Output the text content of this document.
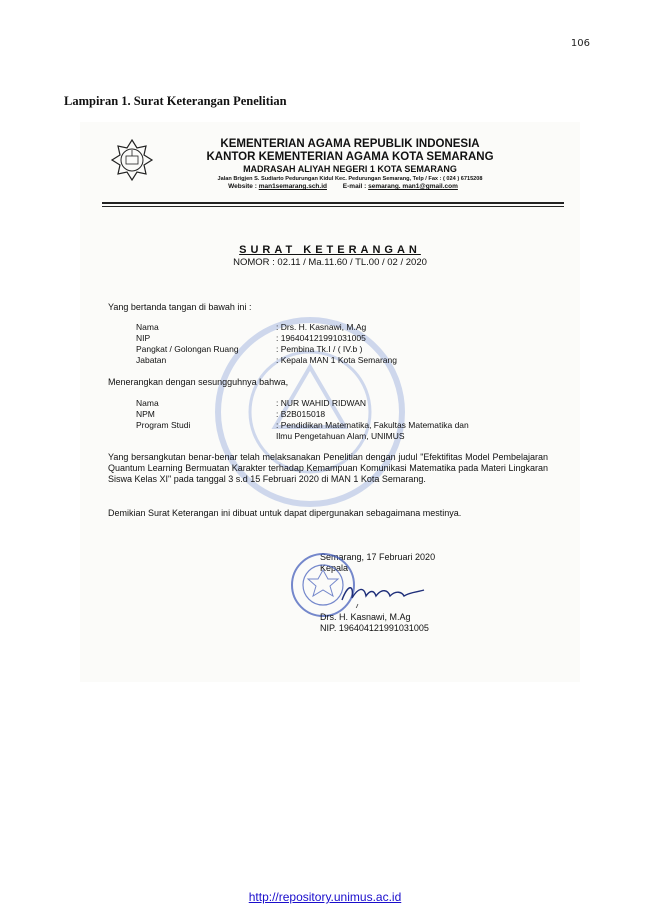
106
Lampiran 1. Surat Keterangan Penelitian
KEMENTERIAN AGAMA REPUBLIK INDONESIA
KANTOR KEMENTERIAN AGAMA KOTA SEMARANG
MADRASAH ALIYAH NEGERI 1 KOTA SEMARANG
Jalan Brigjen S. Sudiarto Pedurungan Kidul Kec. Pedurungan Semarang, Telp / Fax : ( 024 ) 6715208
Website : man1semarang.sch.id E-mail : semarang. man1@gmail.com
SURAT KETERANGAN
NOMOR : 02.11 / Ma.11.60 / TL.00 / 02 / 2020
Yang bertanda tangan di bawah ini :
Nama	: Drs. H. Kasnawi, M.Ag
NIP	: 196404121991031005
Pangkat / Golongan Ruang	: Pembina Tk.I / ( IV.b )
Jabatan	: Kepala MAN 1 Kota Semarang
Menerangkan dengan sesungguhnya bahwa,
Nama	: NUR WAHID RIDWAN
NPM	: B2B015018
Program Studi	: Pendidikan Matematika, Fakultas Matematika dan
Ilmu Pengetahuan Alam, UNIMUS
Yang bersangkutan benar-benar telah melaksanakan Penelitian dengan judul "Efektifitas Model Pembelajaran Quantum Learning Bermuatan Karakter terhadap Kemampuan Komunikasi Matematika pada Materi Lingkaran Siswa Kelas XI" pada tanggal 3 s.d 15 Februari 2020 di MAN 1 Kota Semarang.
Demikian Surat Keterangan ini dibuat untuk dapat dipergunakan sebagaimana mestinya.
Semarang, 17 Februari 2020
Kepala
Drs. H. Kasnawi, M.Ag
NIP. 196404121991031005
http://repository.unimus.ac.id
